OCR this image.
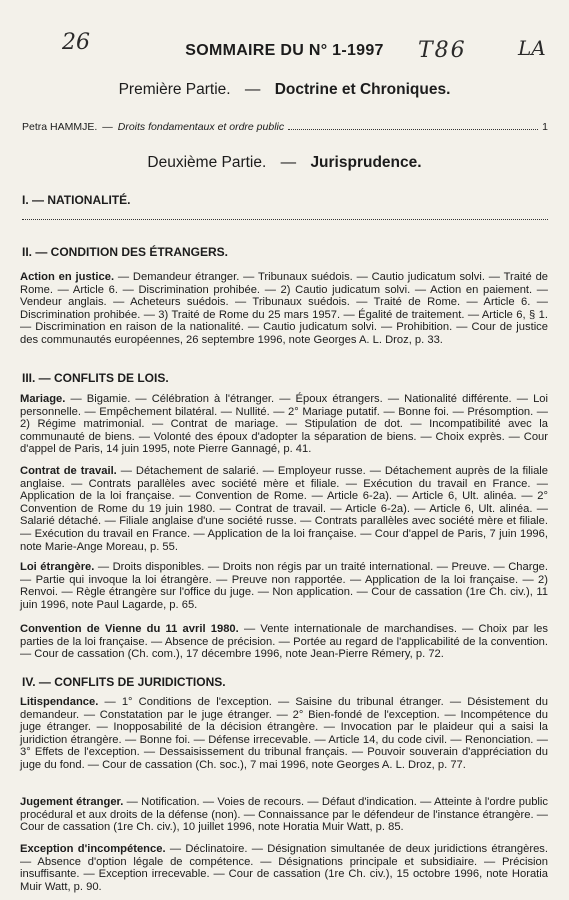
26	T86	LA
SOMMAIRE DU N° 1-1997
Première Partie. — Doctrine et Chroniques.
Petra HAMMJE. — Droits fondamentaux et ordre public	1
Deuxième Partie. — Jurisprudence.
I. — NATIONALITÉ.
II. — CONDITION DES ÉTRANGERS.
Action en justice. — Demandeur étranger. — Tribunaux suédois. — Cautio judicatum solvi. — Traité de Rome. — Article 6. — Discrimination prohibée. — 2) Cautio judicatum solvi. — Action en paiement. — Vendeur anglais. — Acheteurs suédois. — Tribunaux suédois. — Traité de Rome. — Article 6. — Discrimination prohibée. — 3) Traité de Rome du 25 mars 1957. — Égalité de traitement. — Article 6, § 1. — Discrimination en raison de la nationalité. — Cautio judicatum solvi. — Prohibition. — Cour de justice des communautés européennes, 26 septembre 1996, note Georges A. L. Droz, p. 33.
III. — CONFLITS DE LOIS.
Mariage. — Bigamie. — Célébration à l'étranger. — Époux étrangers. — Nationalité différente. — Loi personnelle. — Empêchement bilatéral. — Nullité. — 2° Mariage putatif. — Bonne foi. — Présomption. — 2) Régime matrimonial. — Contrat de mariage. — Stipulation de dot. — Incompatibilité avec la communauté de biens. — Volonté des époux d'adopter la séparation de biens. — Choix exprès. — Cour d'appel de Paris, 14 juin 1995, note Pierre Gannagé, p. 41.
Contrat de travail. — Détachement de salarié. — Employeur russe. — Détachement auprès de la filiale anglaise. — Contrats parallèles avec société mère et filiale. — Exécution du travail en France. — Application de la loi française. — Convention de Rome. — Article 6-2a). — Article 6, Ult. alinéa. — 2° Convention de Rome du 19 juin 1980. — Contrat de travail. — Article 6-2a). — Article 6, Ult. alinéa. — Salarié détaché. — Filiale anglaise d'une société russe. — Contrats parallèles avec société mère et filiale. — Exécution du travail en France. — Application de la loi française. — Cour d'appel de Paris, 7 juin 1996, note Marie-Ange Moreau, p. 55.
Loi étrangère. — Droits disponibles. — Droits non régis par un traité international. — Preuve. — Charge. — Partie qui invoque la loi étrangère. — Preuve non rapportée. — Application de la loi française. — 2) Renvoi. — Règle étrangère sur l'office du juge. — Non application. — Cour de cassation (1re Ch. civ.), 11 juin 1996, note Paul Lagarde, p. 65.
Convention de Vienne du 11 avril 1980. — Vente internationale de marchandises. — Choix par les parties de la loi française. — Absence de précision. — Portée au regard de l'applicabilité de la convention. — Cour de cassation (Ch. com.), 17 décembre 1996, note Jean-Pierre Rémery, p. 72.
IV. — CONFLITS DE JURIDICTIONS.
Litispendance. — 1° Conditions de l'exception. — Saisine du tribunal étranger. — Désistement du demandeur. — Constatation par le juge étranger. — 2° Bien-fondé de l'exception. — Incompétence du juge étranger. — Inopposabilité de la décision étrangère. — Invocation par le plaideur qui a saisi la juridiction étrangère. — Bonne foi. — Défense irrecevable. — Article 14, du code civil. — Renonciation. — 3° Effets de l'exception. — Dessaisissement du tribunal français. — Pouvoir souverain d'appréciation du juge du fond. — Cour de cassation (Ch. soc.), 7 mai 1996, note Georges A. L. Droz, p. 77.
Jugement étranger. — Notification. — Voies de recours. — Défaut d'indication. — Atteinte à l'ordre public procédural et aux droits de la défense (non). — Connaissance par le défendeur de l'instance étrangère. — Cour de cassation (1re Ch. civ.), 10 juillet 1996, note Horatia Muir Watt, p. 85.
Exception d'incompétence. — Déclinatoire. — Désignation simultanée de deux juridictions étrangères. — Absence d'option légale de compétence. — Désignations principale et subsidiaire. — Précision insuffisante. — Exception irrecevable. — Cour de cassation (1re Ch. civ.), 15 octobre 1996, note Horatia Muir Watt, p. 90.
